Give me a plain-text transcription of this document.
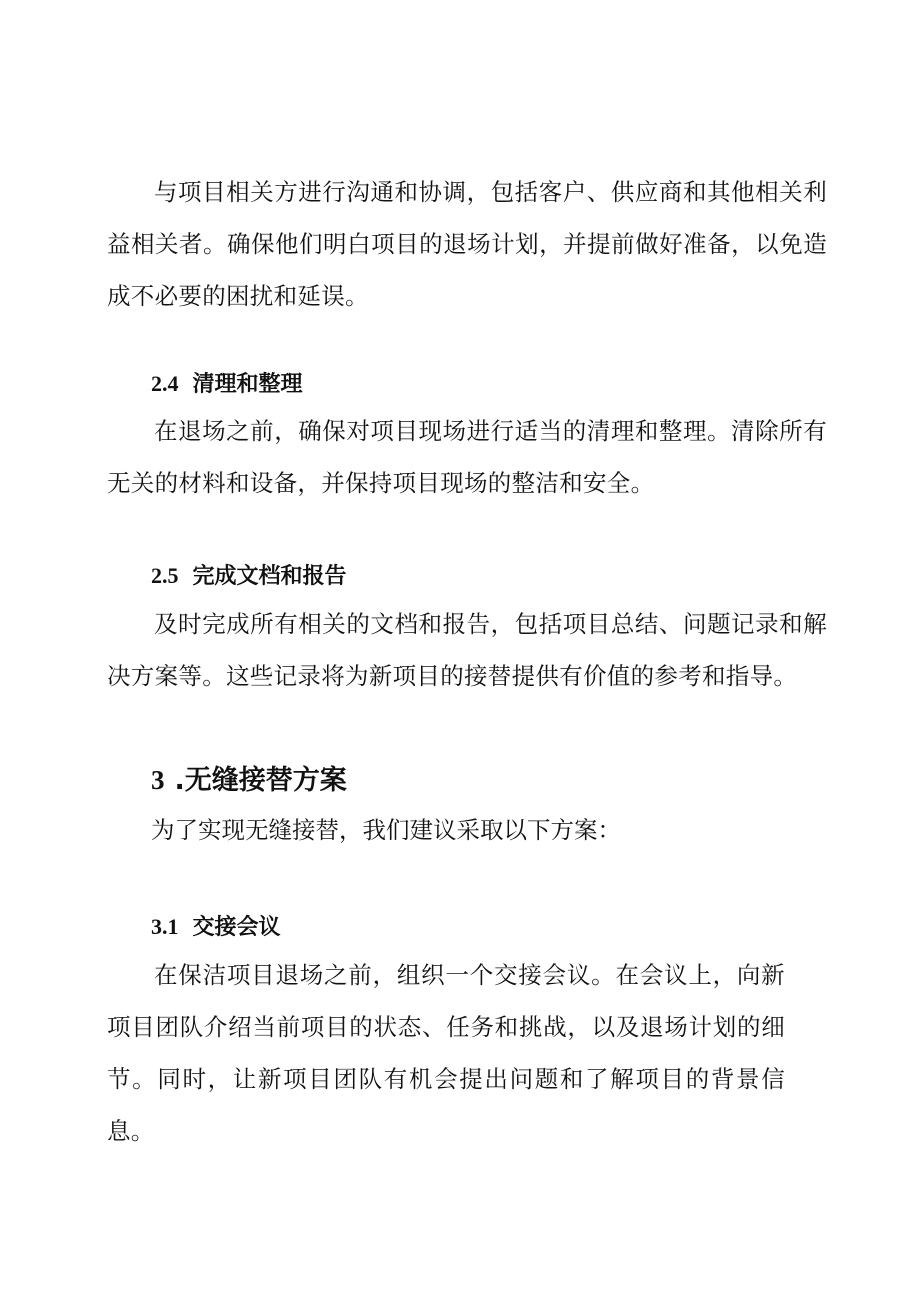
与项目相关方进行沟通和协调，包括客户、供应商和其他相关利益相关者。确保他们明白项目的退场计划，并提前做好准备，以免造成不必要的困扰和延误。

2.4 清理和整理

在退场之前，确保对项目现场进行适当的清理和整理。清除所有无关的材料和设备，并保持项目现场的整洁和安全。

2.5 完成文档和报告

及时完成所有相关的文档和报告，包括项目总结、问题记录和解决方案等。这些记录将为新项目的接替提供有价值的参考和指导。

3 .无缝接替方案

为了实现无缝接替，我们建议采取以下方案：

3.1 交接会议

在保洁项目退场之前，组织一个交接会议。在会议上，向新项目团队介绍当前项目的状态、任务和挑战，以及退场计划的细节。同时，让新项目团队有机会提出问题和了解项目的背景信息。
